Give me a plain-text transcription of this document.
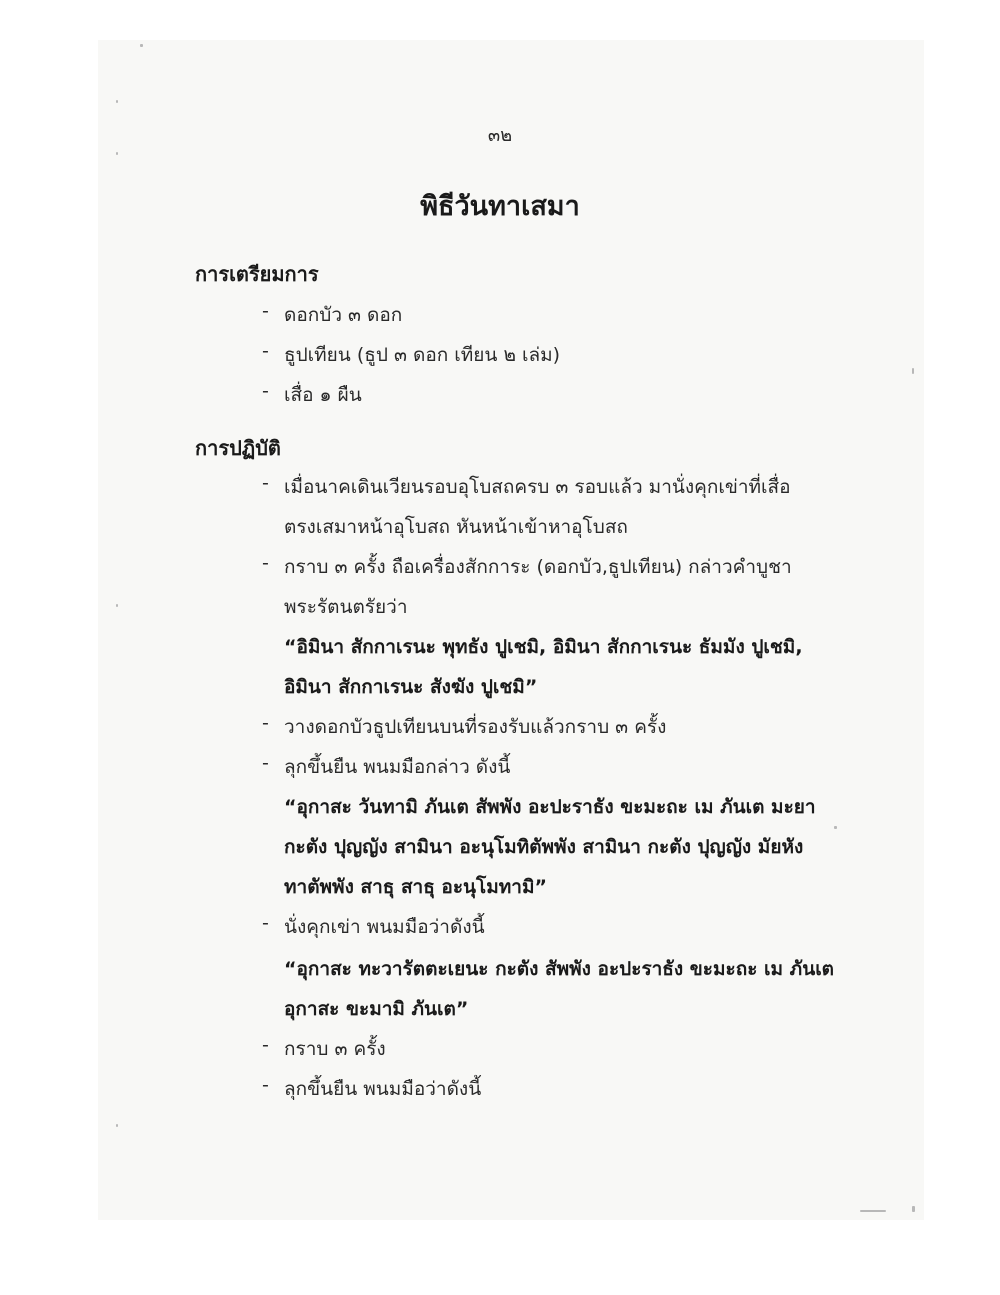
๓๒
พิธีวันทาเสมา
การเตรียมการ
- ดอกบัว ๓ ดอก
- ธูปเทียน (ธูป ๓ ดอก เทียน ๒ เล่ม)
- เสื่อ ๑ ผืน
การปฏิบัติ
- เมื่อนาคเดินเวียนรอบอุโบสถครบ ๓ รอบแล้ว มานั่งคุกเข่าที่เสื่อ
ตรงเสมาหน้าอุโบสถ หันหน้าเข้าหาอุโบสถ
- กราบ ๓ ครั้ง ถือเครื่องสักการะ (ดอกบัว,ธูปเทียน) กล่าวคำบูชา
พระรัตนตรัยว่า
“อิมินา สักกาเรนะ พุทธัง ปูเชมิ, อิมินา สักกาเรนะ ธัมมัง ปูเชมิ,
อิมินา สักกาเรนะ สังฆัง ปูเชมิ”
- วางดอกบัวธูปเทียนบนที่รองรับแล้วกราบ ๓ ครั้ง
- ลุกขึ้นยืน พนมมือกล่าว ดังนี้
“อุกาสะ วันทามิ ภันเต สัพพัง อะปะราธัง ขะมะถะ เม ภันเต มะยา
กะตัง ปุญญัง สามินา อะนุโมทิตัพพัง สามินา กะตัง ปุญญัง มัยหัง
ทาตัพพัง สาธุ สาธุ อะนุโมทามิ”
- นั่งคุกเข่า พนมมือว่าดังนี้
“อุกาสะ ทะวารัตตะเยนะ กะตัง สัพพัง อะปะราธัง ขะมะถะ เม ภันเต
อุกาสะ ขะมามิ ภันเต”
- กราบ ๓ ครั้ง
- ลุกขึ้นยืน พนมมือว่าดังนี้
